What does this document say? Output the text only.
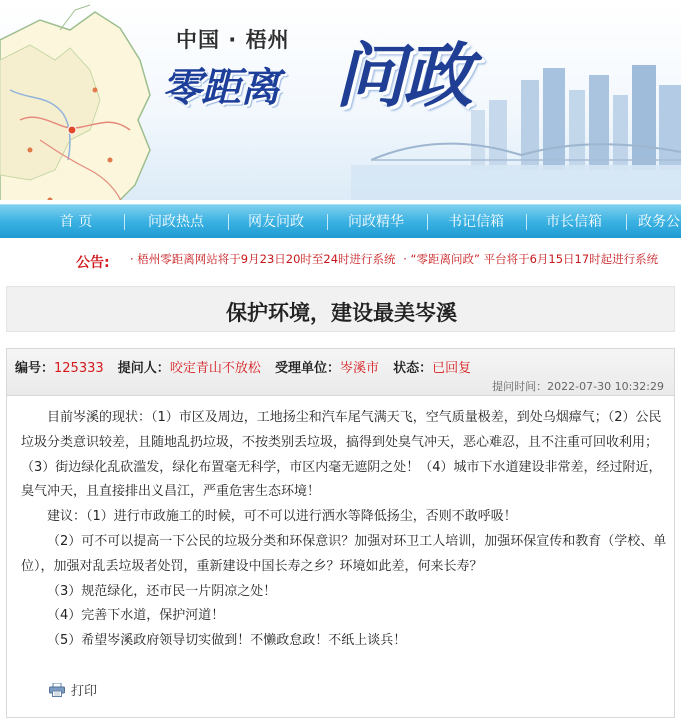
中国 · 梧州
零距离 问政
首 页	问政热点	网友问政	问政精华	书记信箱	市长信箱	政务公
公告: · 梧州零距离网站将于9月23日20时至24时进行系统 · “零距离问政” 平台将于6月15日17时起进行系统
保护环境，建设最美岑溪
编号：125333 提问人：咬定青山不放松 受理单位：岑溪市 状态：已回复
提问时间：2022-07-30 10:32:29

目前岑溪的现状：（1）市区及周边，工地扬尘和汽车尾气满天飞，空气质量极差，到处乌烟瘴气；（2）公民垃圾分类意识较差，且随地乱扔垃圾，不按类别丢垃圾，搞得到处臭气冲天，恶心难忍，且不注重可回收利用；（3）街边绿化乱砍滥发，绿化布置毫无科学，市区内毫无遮阴之处！（4）城市下水道建设非常差，经过附近，臭气冲天，且直接排出义昌江，严重危害生态环境！

建议：（1）进行市政施工的时候，可不可以进行洒水等降低扬尘，否则不敢呼吸！

（2）可不可以提高一下公民的垃圾分类和环保意识？加强对环卫工人培训，加强环保宣传和教育（学校、单位），加强对乱丢垃圾者处罚，重新建设中国长寿之乡？环境如此差，何来长寿？

（3）规范绿化，还市民一片阴凉之处！

（4）完善下水道，保护河道！

（5）希望岑溪政府领导切实做到！不懒政怠政！不纸上谈兵！

打印
